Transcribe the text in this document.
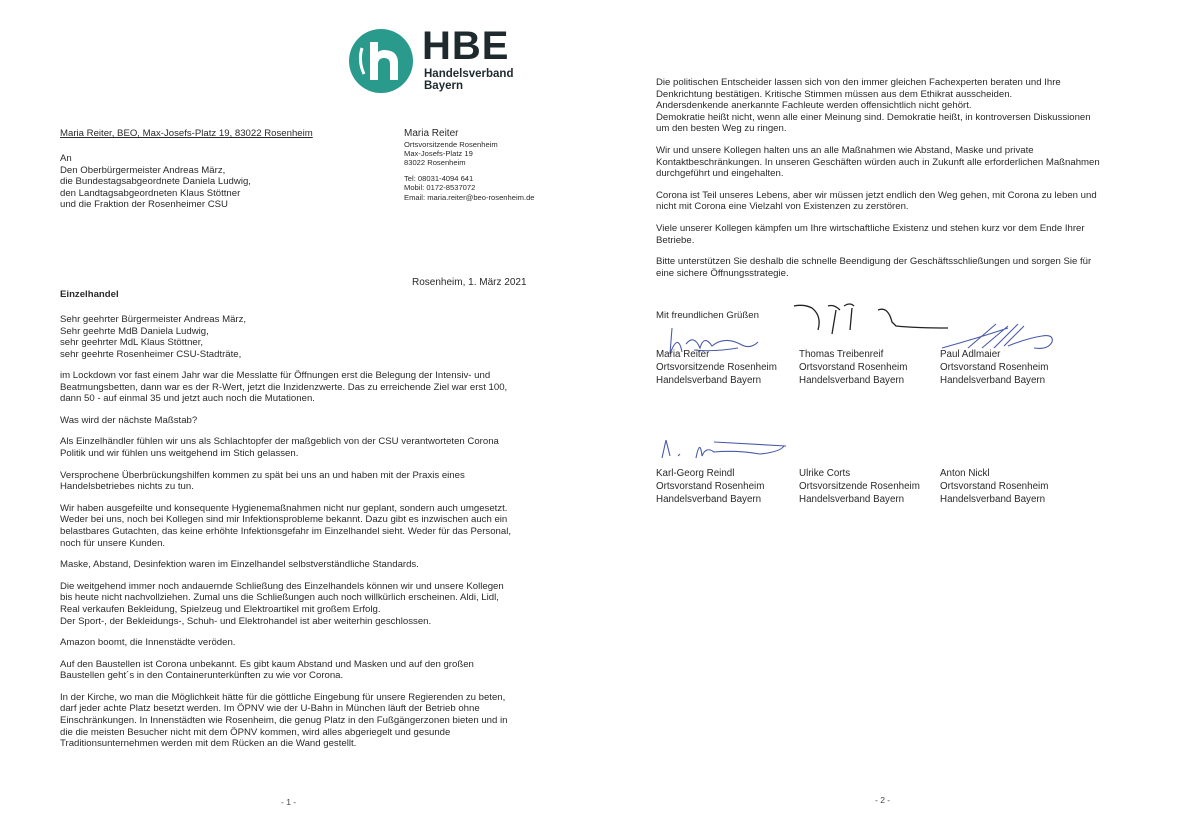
HBE
Handelsverband
Bayern
Maria Reiter, BEO, Max-Josefs-Platz 19, 83022 Rosenheim
An
Den Oberbürgermeister Andreas März,
die Bundestagsabgeordnete Daniela Ludwig,
den Landtagsabgeordneten Klaus Stöttner
und die Fraktion der Rosenheimer CSU
Maria Reiter
Ortsvorsitzende Rosenheim
Max-Josefs-Platz 19
83022 Rosenheim
Tel: 08031-4094 641
Mobil: 0172-8537072
Email: maria.reiter@beo-rosenheim.de
Rosenheim, 1. März 2021
Einzelhandel
Sehr geehrter Bürgermeister Andreas März,
Sehr geehrte MdB Daniela Ludwig,
sehr geehrter MdL Klaus Stöttner,
sehr geehrte Rosenheimer CSU-Stadträte,
im Lockdown vor fast einem Jahr war die Messlatte für Öffnungen erst die Belegung der Intensiv- und
Beatmungsbetten, dann war es der R-Wert, jetzt die Inzidenzwerte. Das zu erreichende Ziel war erst 100,
dann 50 - auf einmal 35 und jetzt auch noch die Mutationen.
Was wird der nächste Maßstab?
Als Einzelhändler fühlen wir uns als Schlachtopfer der maßgeblich von der CSU verantworteten Corona
Politik und wir fühlen uns weitgehend im Stich gelassen.
Versprochene Überbrückungshilfen kommen zu spät bei uns an und haben mit der Praxis eines
Handelsbetriebes nichts zu tun.
Wir haben ausgefeilte und konsequente Hygienemaßnahmen nicht nur geplant, sondern auch umgesetzt.
Weder bei uns, noch bei Kollegen sind mir Infektionsprobleme bekannt. Dazu gibt es inzwischen auch ein
belastbares Gutachten, das keine erhöhte Infektionsgefahr im Einzelhandel sieht. Weder für das Personal,
noch für unsere Kunden.
Maske, Abstand, Desinfektion waren im Einzelhandel selbstverständliche Standards.
Die weitgehend immer noch andauernde Schließung des Einzelhandels können wir und unsere Kollegen
bis heute nicht nachvollziehen. Zumal uns die Schließungen auch noch willkürlich erscheinen. Aldi, Lidl,
Real verkaufen Bekleidung, Spielzeug und Elektroartikel mit großem Erfolg.
Der Sport-, der Bekleidungs-, Schuh- und Elektrohandel ist aber weiterhin geschlossen.
Amazon boomt, die Innenstädte veröden.
Auf den Baustellen ist Corona unbekannt. Es gibt kaum Abstand und Masken und auf den großen
Baustellen geht´s in den Containerunterkünften zu wie vor Corona.
In der Kirche, wo man die Möglichkeit hätte für die göttliche Eingebung für unsere Regierenden zu beten,
darf jeder achte Platz besetzt werden. Im ÖPNV wie der U-Bahn in München läuft der Betrieb ohne
Einschränkungen. In Innenstädten wie Rosenheim, die genug Platz in den Fußgängerzonen bieten und in
die die meisten Besucher nicht mit dem ÖPNV kommen, wird alles abgeriegelt und gesunde
Traditionsunternehmen werden mit dem Rücken an die Wand gestellt.
- 1 -
Die politischen Entscheider lassen sich von den immer gleichen Fachexperten beraten und Ihre
Denkrichtung bestätigen. Kritische Stimmen müssen aus dem Ethikrat ausscheiden.
Andersdenkende anerkannte Fachleute werden offensichtlich nicht gehört.
Demokratie heißt nicht, wenn alle einer Meinung sind. Demokratie heißt, in kontroversen Diskussionen
um den besten Weg zu ringen.
Wir und unsere Kollegen halten uns an alle Maßnahmen wie Abstand, Maske und private
Kontaktbeschränkungen. In unseren Geschäften würden auch in Zukunft alle erforderlichen Maßnahmen
durchgeführt und eingehalten.
Corona ist Teil unseres Lebens, aber wir müssen jetzt endlich den Weg gehen, mit Corona zu leben und
nicht mit Corona eine Vielzahl von Existenzen zu zerstören.
Viele unserer Kollegen kämpfen um Ihre wirtschaftliche Existenz und stehen kurz vor dem Ende Ihrer
Betriebe.
Bitte unterstützen Sie deshalb die schnelle Beendigung der Geschäftsschließungen und sorgen Sie für
eine sichere Öffnungsstrategie.
Mit freundlichen Grüßen
Maria Reiter
Ortsvorsitzende Rosenheim
Handelsverband Bayern
Thomas Treibenreif
Ortsvorstand Rosenheim
Handelsverband Bayern
Paul Adlmaier
Ortsvorstand Rosenheim
Handelsverband Bayern
Karl-Georg Reindl
Ortsvorstand Rosenheim
Handelsverband Bayern
Ulrike Corts
Ortsvorsitzende Rosenheim
Handelsverband Bayern
Anton Nickl
Ortsvorstand Rosenheim
Handelsverband Bayern
- 2 -
